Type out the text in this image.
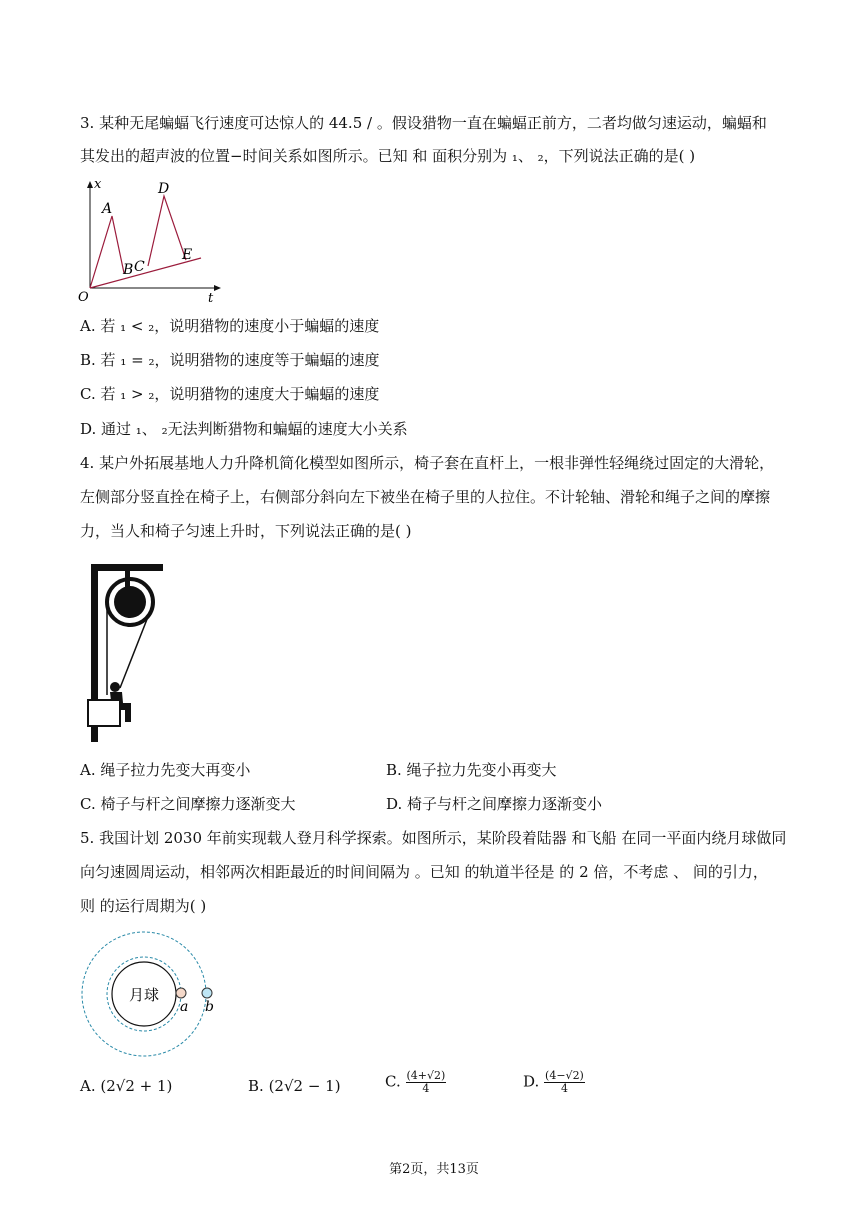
3. 某种无尾蝙蝠飞行速度可达惊人的 44.5 / 。假设猎物一直在蝙蝠正前方，二者均做匀速运动，蝙蝠和
其发出的超声波的位置−时间关系如图所示。已知 和 面积分别为 ₁、 ₂，下列说法正确的是( )
x
t
O
A
B C
D
E
A. 若 ₁ < ₂，说明猎物的速度小于蝙蝠的速度
B. 若 ₁ = ₂，说明猎物的速度等于蝙蝠的速度
C. 若 ₁ > ₂，说明猎物的速度大于蝙蝠的速度
D. 通过 ₁、 ₂无法判断猎物和蝙蝠的速度大小关系
4. 某户外拓展基地人力升降机简化模型如图所示，椅子套在直杆上，一根非弹性轻绳绕过固定的大滑轮，
左侧部分竖直拴在椅子上，右侧部分斜向左下被坐在椅子里的人拉住。不计轮轴、滑轮和绳子之间的摩擦
力，当人和椅子匀速上升时，下列说法正确的是( )
A. 绳子拉力先变大再变小	B. 绳子拉力先变小再变大
C. 椅子与杆之间摩擦力逐渐变大	D. 椅子与杆之间摩擦力逐渐变小
5. 我国计划 2030 年前实现载人登月科学探索。如图所示，某阶段着陆器 和飞船 在同一平面内绕月球做同
向匀速圆周运动，相邻两次相距最近的时间间隔为 。已知 的轨道半径是 的 2 倍，不考虑 、 间的引力，
则 的运行周期为( )
月球
a b
A. (2√2 + 1)	B. (2√2 − 1)	C. $\frac{(4+√2)}{4}$	D. $\frac{(4-√2)}{4}$
第2页，共13页
